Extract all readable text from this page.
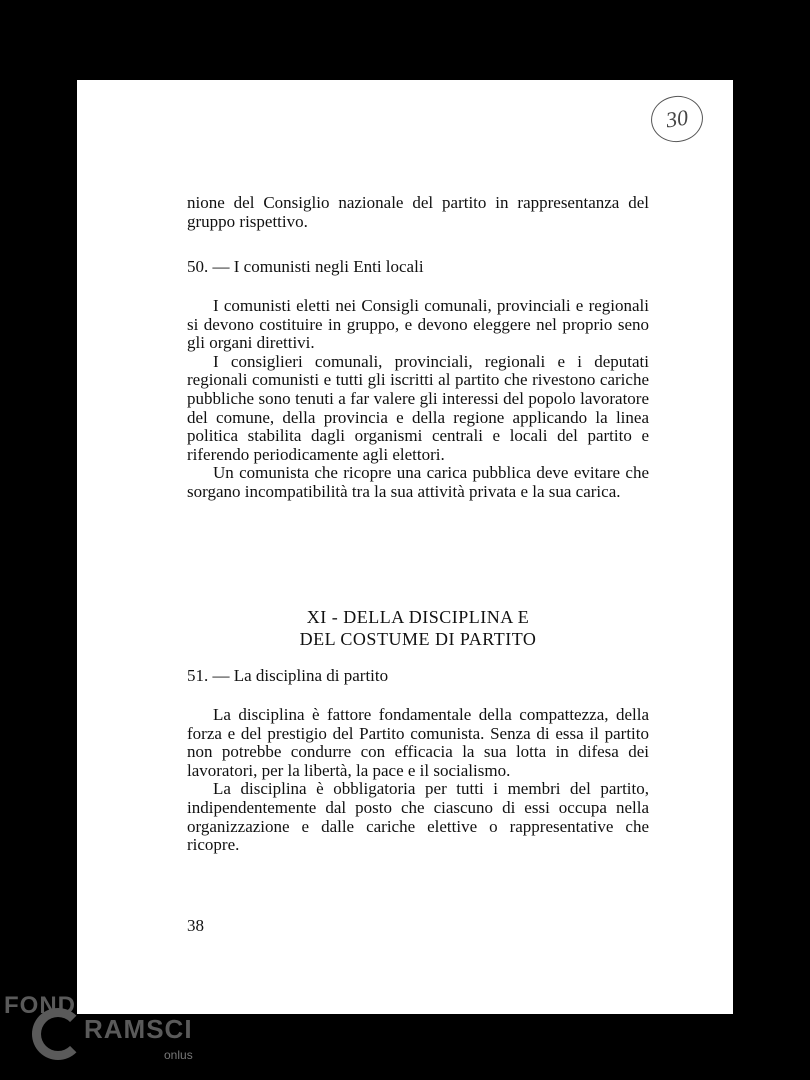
30

nione del Consiglio nazionale del partito in rappresentanza del gruppo rispettivo.

50. — I comunisti negli Enti locali

I comunisti eletti nei Consigli comunali, provinciali e regionali si devono costituire in gruppo, e devono eleggere nel proprio seno gli organi direttivi.

I consiglieri comunali, provinciali, regionali e i deputati regionali comunisti e tutti gli iscritti al partito che rivestono cariche pubbliche sono tenuti a far valere gli interessi del popolo lavoratore del comune, della provincia e della regione applicando la linea politica stabilita dagli organismi centrali e locali del partito e riferendo periodicamente agli elettori.

Un comunista che ricopre una carica pubblica deve evitare che sorgano incompatibilità tra la sua attività privata e la sua carica.

XI - DELLA DISCIPLINA E
DEL COSTUME DI PARTITO

51. — La disciplina di partito

La disciplina è fattore fondamentale della compattezza, della forza e del prestigio del Partito comunista. Senza di essa il partito non potrebbe condurre con efficacia la sua lotta in difesa dei lavoratori, per la libertà, la pace e il socialismo.

La disciplina è obbligatoria per tutti i membri del partito, indipendentemente dal posto che ciascuno di essi occupa nella organizzazione e dalle cariche elettive o rappresentative che ricopre.

38
FOND
RAMSCI
onlus
